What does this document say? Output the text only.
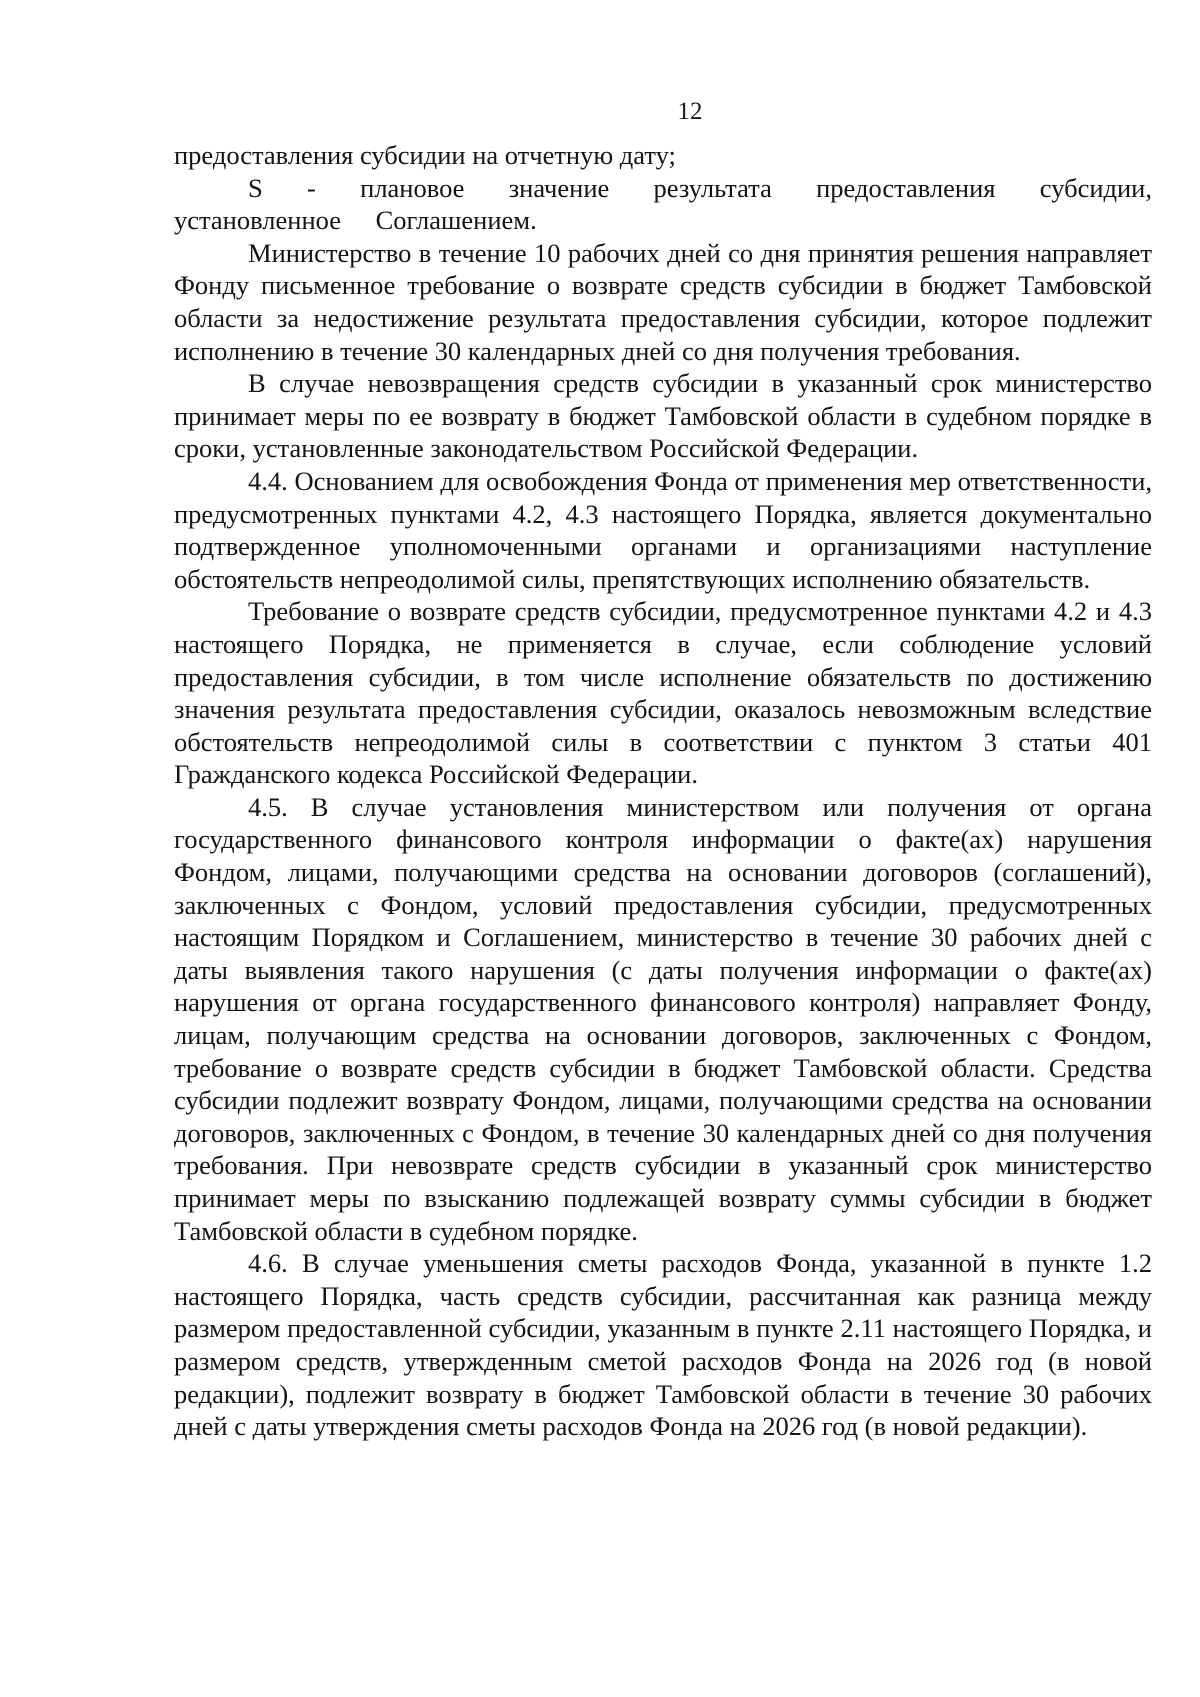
12

предоставления субсидии на отчетную дату;

S - плановое значение результата предоставления субсидии, установленное Соглашением.

Министерство в течение 10 рабочих дней со дня принятия решения направляет Фонду письменное требование о возврате средств субсидии в бюджет Тамбовской области за недостижение результата предоставления субсидии, которое подлежит исполнению в течение 30 календарных дней со дня получения требования.

В случае невозвращения средств субсидии в указанный срок министерство принимает меры по ее возврату в бюджет Тамбовской области в судебном порядке в сроки, установленные законодательством Российской Федерации.

4.4. Основанием для освобождения Фонда от применения мер ответственности, предусмотренных пунктами 4.2, 4.3 настоящего Порядка, является документально подтвержденное уполномоченными органами и организациями наступление обстоятельств непреодолимой силы, препятствующих исполнению обязательств.

Требование о возврате средств субсидии, предусмотренное пунктами 4.2 и 4.3 настоящего Порядка, не применяется в случае, если соблюдение условий предоставления субсидии, в том числе исполнение обязательств по достижению значения результата предоставления субсидии, оказалось невозможным вследствие обстоятельств непреодолимой силы в соответствии с пунктом 3 статьи 401 Гражданского кодекса Российской Федерации.

4.5. В случае установления министерством или получения от органа государственного финансового контроля информации о факте(ах) нарушения Фондом, лицами, получающими средства на основании договоров (соглашений), заключенных с Фондом, условий предоставления субсидии, предусмотренных настоящим Порядком и Соглашением, министерство в течение 30 рабочих дней с даты выявления такого нарушения (с даты получения информации о факте(ах) нарушения от органа государственного финансового контроля) направляет Фонду, лицам, получающим средства на основании договоров, заключенных с Фондом, требование о возврате средств субсидии в бюджет Тамбовской области. Средства субсидии подлежит возврату Фондом, лицами, получающими средства на основании договоров, заключенных с Фондом, в течение 30 календарных дней со дня получения требования. При невозврате средств субсидии в указанный срок министерство принимает меры по взысканию подлежащей возврату суммы субсидии в бюджет Тамбовской области в судебном порядке.

4.6. В случае уменьшения сметы расходов Фонда, указанной в пункте 1.2 настоящего Порядка, часть средств субсидии, рассчитанная как разница между размером предоставленной субсидии, указанным в пункте 2.11 настоящего Порядка, и размером средств, утвержденным сметой расходов Фонда на 2026 год (в новой редакции), подлежит возврату в бюджет Тамбовской области в течение 30 рабочих дней с даты утверждения сметы расходов Фонда на 2026 год (в новой редакции).
